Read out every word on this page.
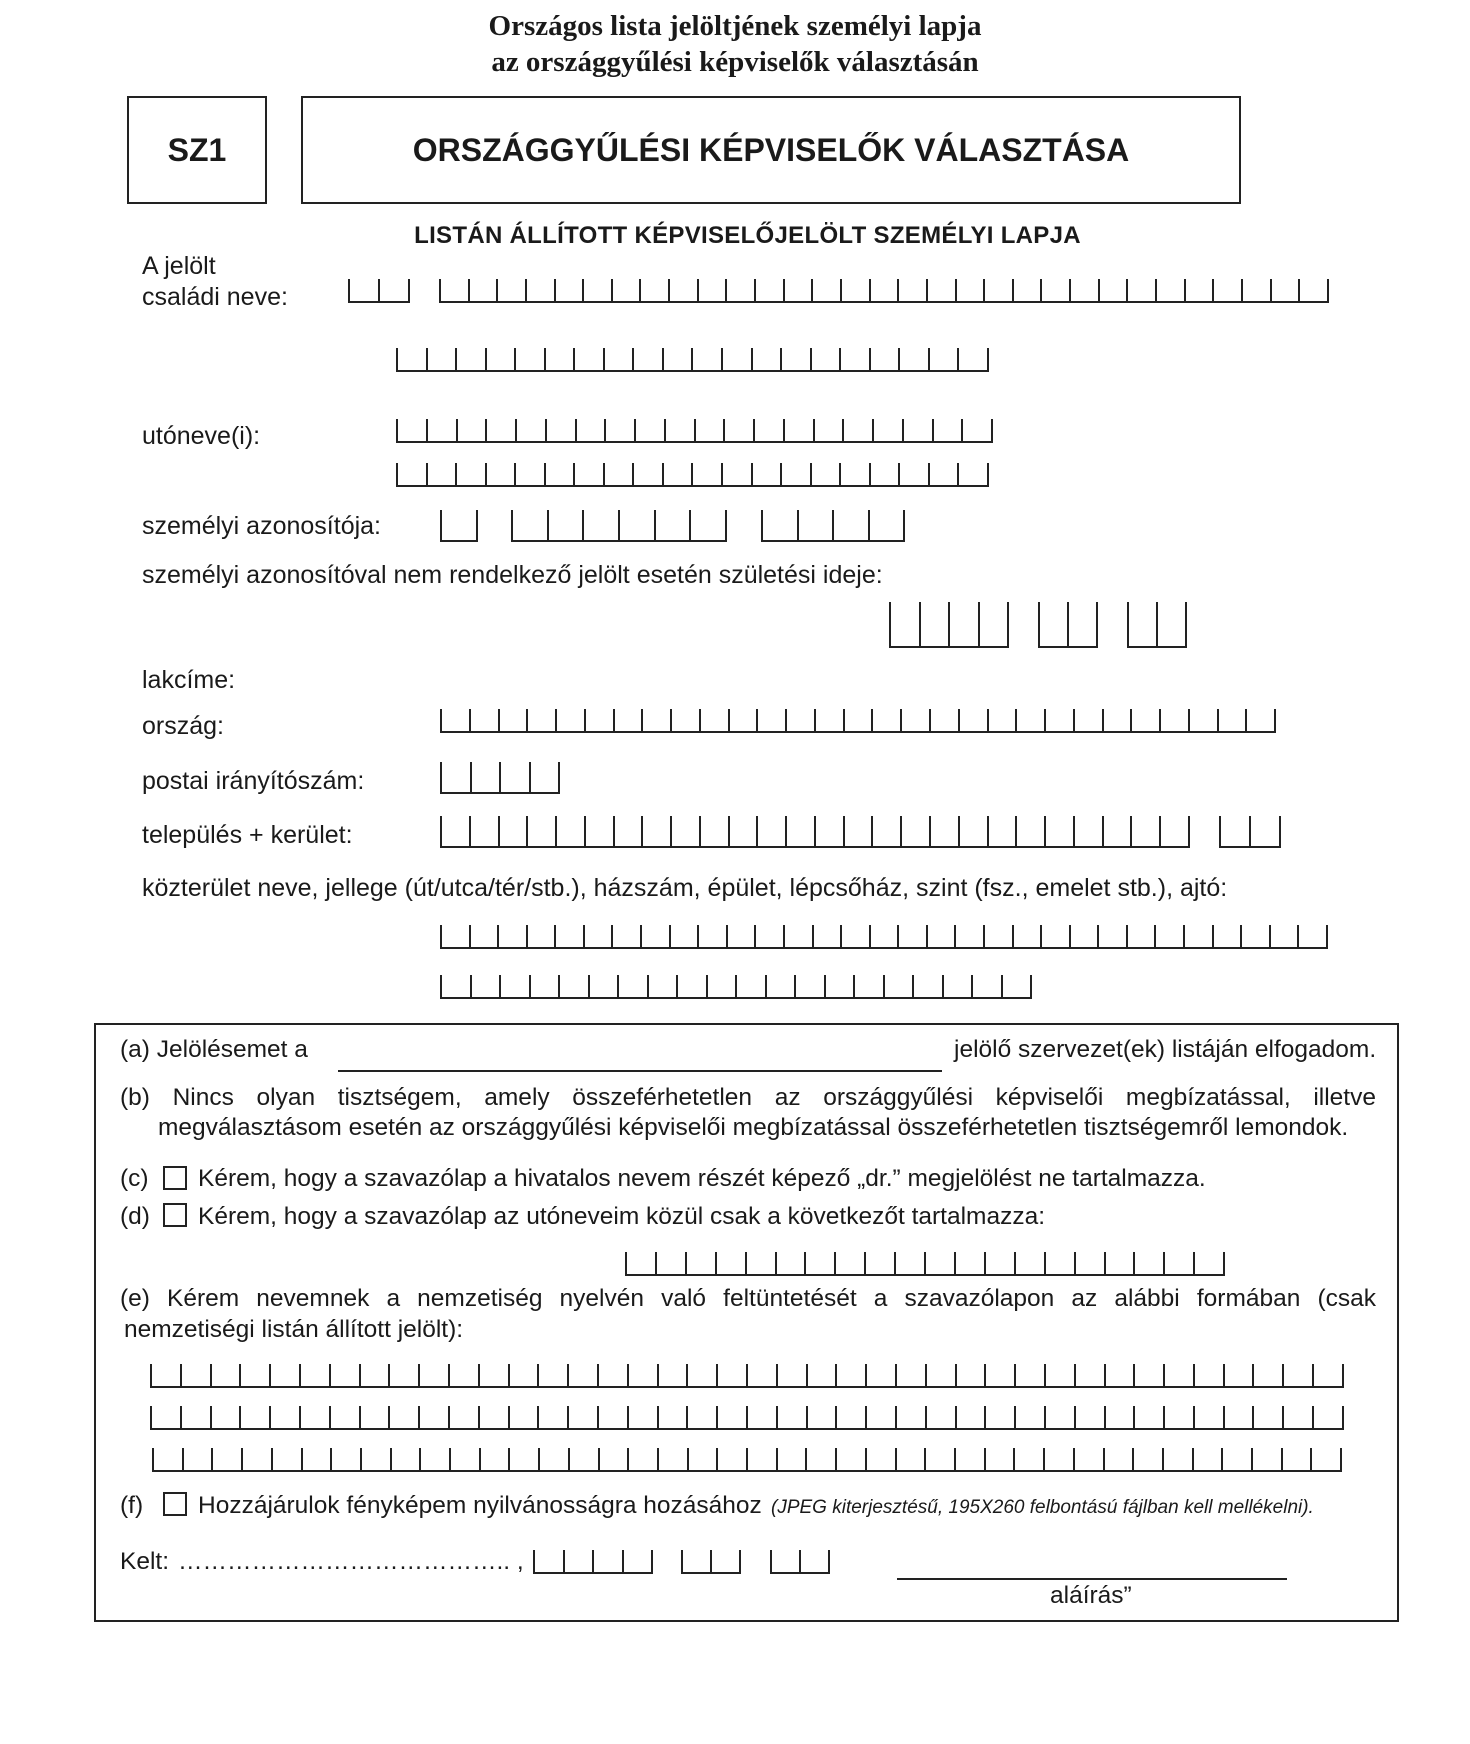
Országos lista jelöltjének személyi lapja
az országgyűlési képviselők választásán
SZ1	ORSZÁGGYŰLÉSI KÉPVISELŐK VÁLASZTÁSA
LISTÁN ÁLLÍTOTT KÉPVISELŐJELÖLT SZEMÉLYI LAPJA
A jelölt
családi neve:
utóneve(i):
személyi azonosítója:
személyi azonosítóval nem rendelkező jelölt esetén születési ideje:
lakcíme:
ország:
postai irányítószám:
település + kerület:
közterület neve, jellege (út/utca/tér/stb.), házszám, épület, lépcsőház, szint (fsz., emelet stb.), ajtó:
(a) Jelölésemet a	jelölő szervezet(ek) listáján elfogadom.
(b) Nincs olyan tisztségem, amely összeférhetetlen az országgyűlési képviselői megbízatással, illetve
megválasztásom esetén az országgyűlési képviselői megbízatással összeférhetetlen tisztségemről lemondok.
(c) Kérem, hogy a szavazólap a hivatalos nevem részét képező „dr.” megjelölést ne tartalmazza.
(d) Kérem, hogy a szavazólap az utóneveim közül csak a következőt tartalmazza:
(e) Kérem nevemnek a nemzetiség nyelvén való feltüntetését a szavazólapon az alábbi formában (csak
nemzetiségi listán állított jelölt):
(f) Hozzájárulok fényképem nyilvánosságra hozásához (JPEG kiterjesztésű, 195X260 felbontású fájlban kell mellékelni).
Kelt: ………………………………….. ,
aláírás”
